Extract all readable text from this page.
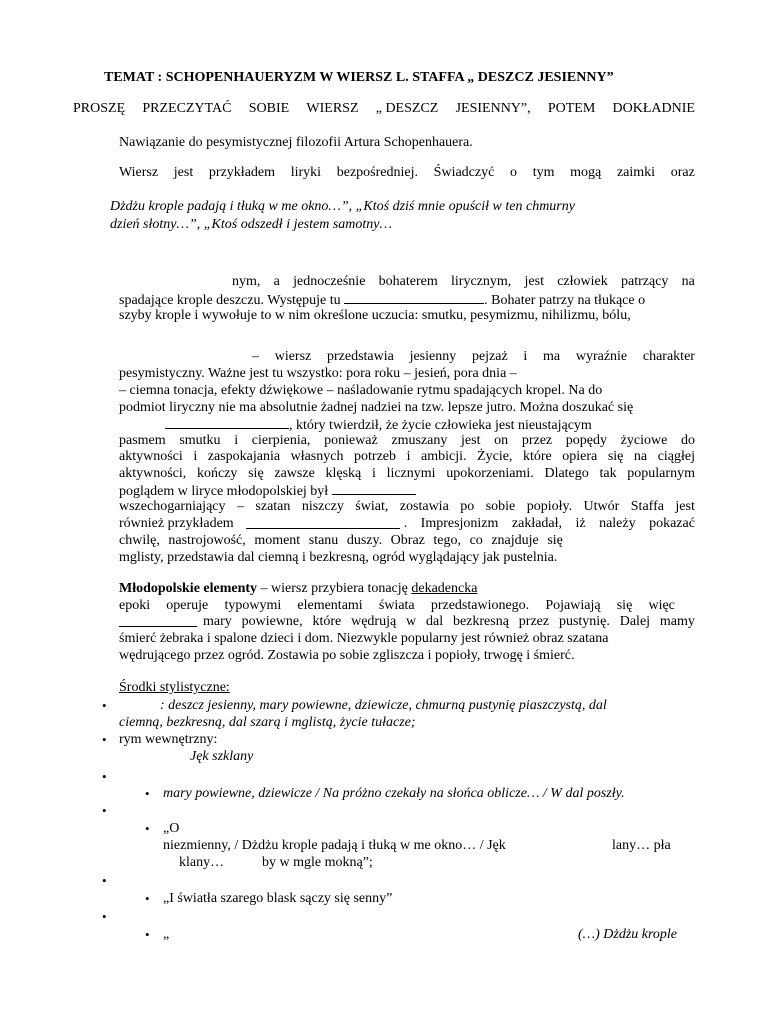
TEMAT : SCHOPENHAUERYZM W WIERSZ L. STAFFA „ DESZCZ JESIENNY”
PROSZĘ PRZECZYTAĆ SOBIE WIERSZ „ DESZCZ JESIENNY”, POTEM DOKŁADNIE
Nawiązanie do pesymistycznej filozofii Artura Schopenhauera.
Wiersz jest przykładem liryki bezpośredniej. Świadczyć o tym mogą zaimki oraz
Dżdżu krople padają i tłuką w me okno…”, „Ktoś dziś mnie opuścił w ten chmurny
dzień słotny…”, „Ktoś odszedł i jestem samotny…
nym, a jednocześnie bohaterem lirycznym, jest człowiek patrzący na
spadające krople deszczu. Występuje tu	. Bohater patrzy na tłukące o
szyby krople i wywołuje to w nim określone uczucia: smutku, pesymizmu, nihilizmu, bólu,
– wiersz przedstawia jesienny pejzaż i ma wyraźnie charakter
pesymistyczny. Ważne jest tu wszystko: pora roku – jesień, pora dnia –
– ciemna tonacja, efekty dźwiękowe – naśladowanie rytmu spadających kropel. Na do
podmiot liryczny nie ma absolutnie żadnej nadziei na tzw. lepsze jutro. Można doszukać się
, który twierdził, że życie człowieka jest nieustającym
pasmem smutku i cierpienia, ponieważ zmuszany jest on przez popędy życiowe do
aktywności i zaspokajania własnych potrzeb i ambicji. Życie, które opiera się na ciągłej
aktywności, kończy się zawsze klęską i licznymi upokorzeniami. Dlatego tak popularnym
poglądem w liryce młodopolskiej był
wszechogarniający – szatan niszczy świat, zostawia po sobie popioły. Utwór Staffa jest
również przykładem	. Impresjonizm zakładał, iż należy pokazać
chwilę, nastrojowość, moment stanu duszy. Obraz tego, co znajduje się
mglisty, przedstawia dal ciemną i bezkresną, ogród wyglądający jak pustelnia.
Młodopolskie elementy – wiersz przybiera tonację dekadencka
epoki operuje typowymi elementami świata przedstawionego. Pojawiają się więc
mary powiewne, które wędrują w dal bezkresną przez pustynię. Dalej mamy
śmierć żebraka i spalone dzieci i dom. Niezwykle popularny jest również obraz szatana
wędrującego przez ogród. Zostawia po sobie zgliszcza i popioły, trwogę i śmierć.
Środki stylistyczne:
•	: deszcz jesienny, mary powiewne, dziewicze, chmurną pustynię piaszczystą, dal
ciemną, bezkresną, dal szarą i mglistą, życie tułacze;
• rym wewnętrzny:
Jęk szklany
•
• mary powiewne, dziewicze / Na próżno czekały na słońca oblicze… / W dal poszły.
•
• „O
niezmienny, / Dżdżu krople padają i tłuką w me okno… / Jęk	lany… pła
klany…	by w mgle mokną”;
•
• „I światła szarego blask sączy się senny”
•
• „	(…) Dżdżu krople
